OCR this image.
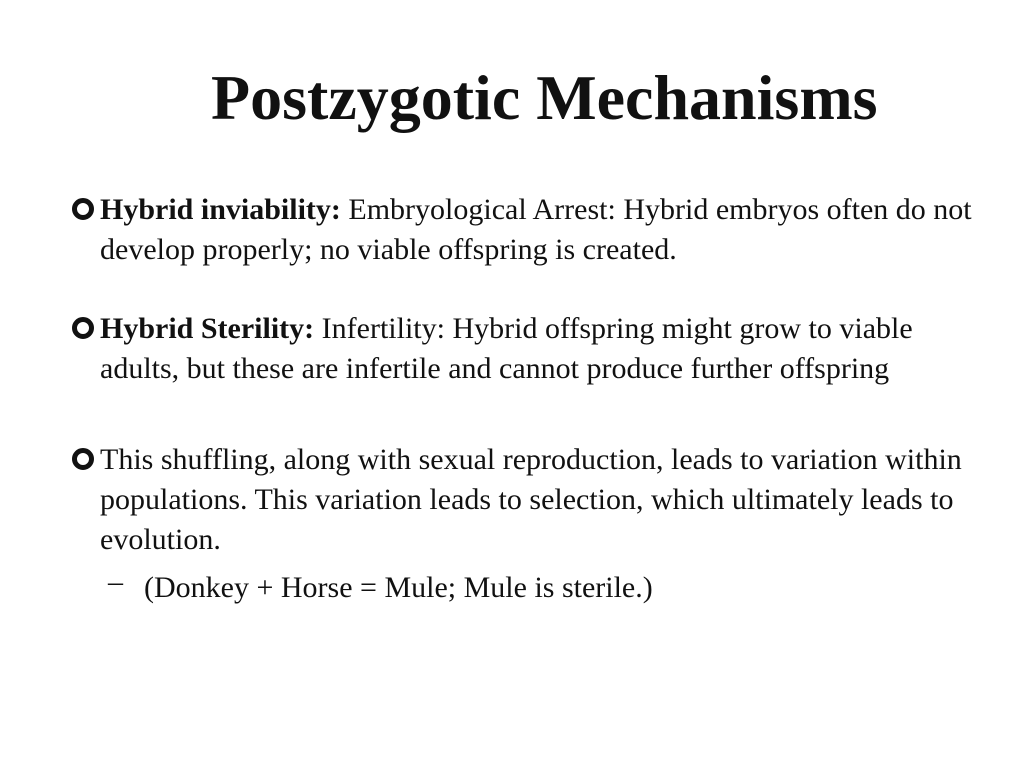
Postzygotic Mechanisms
Hybrid inviability: Embryological Arrest: Hybrid embryos often do not develop properly; no viable offspring is created.
Hybrid Sterility: Infertility: Hybrid offspring might grow to viable adults, but these are infertile and cannot produce further offspring
This shuffling, along with sexual reproduction, leads to variation within populations. This variation leads to selection, which ultimately leads to evolution.
– (Donkey + Horse = Mule; Mule is sterile.)
